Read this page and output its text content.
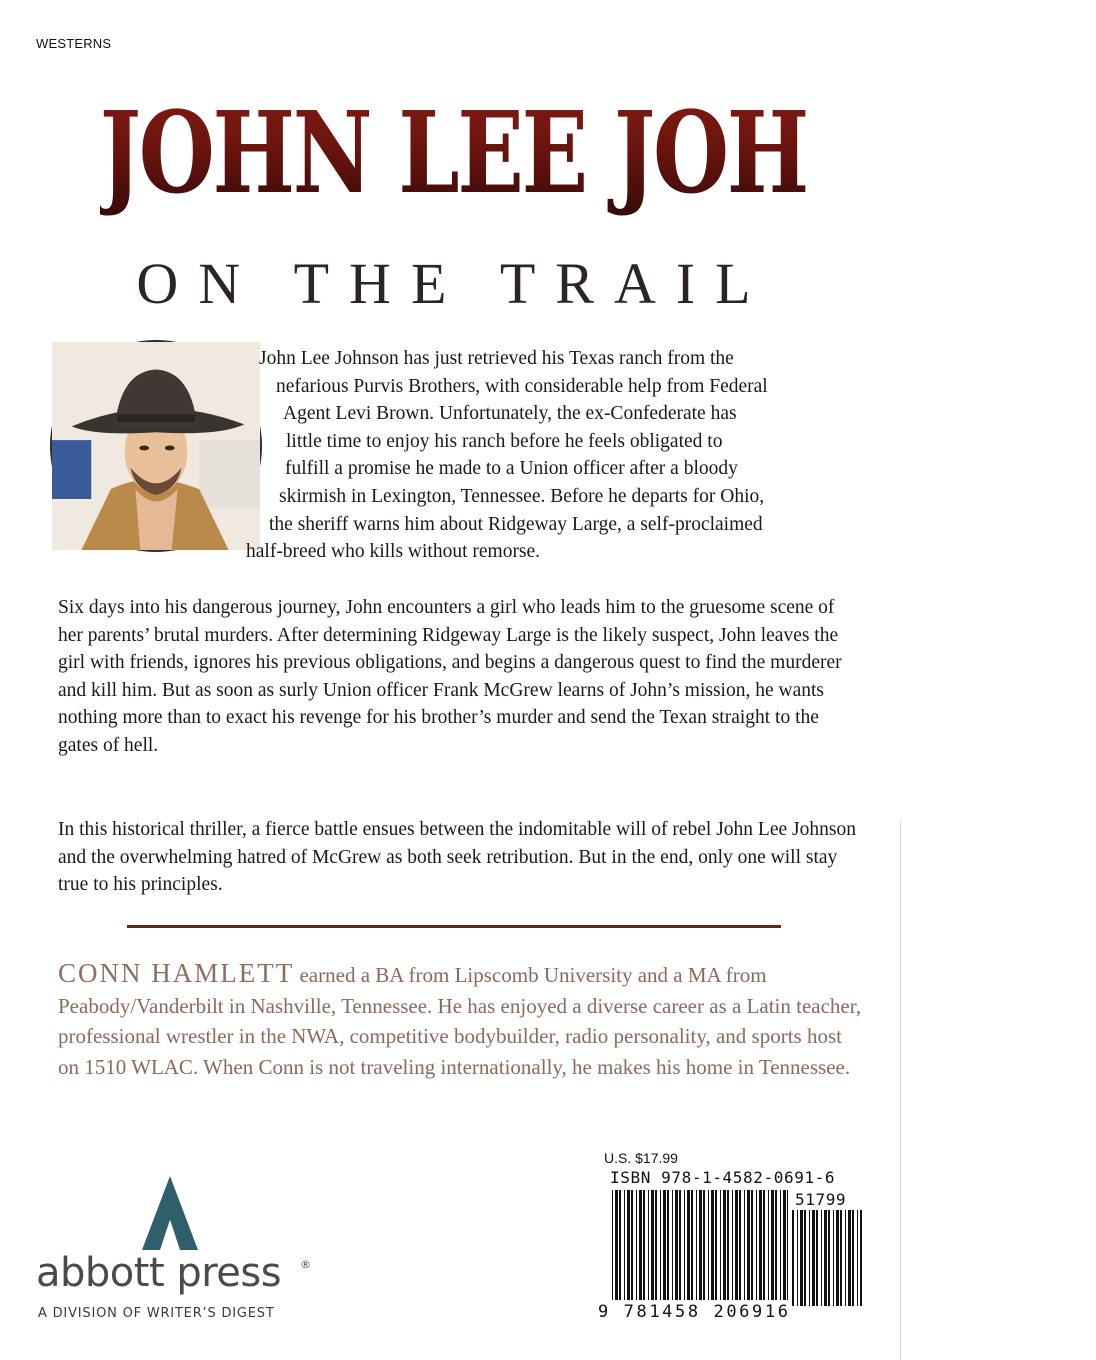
WESTERNS
JOHN LEE JOHNSON
ON THE TRAIL
John Lee Johnson has just retrieved his Texas ranch from the
nefarious Purvis Brothers, with considerable help from Federal
Agent Levi Brown. Unfortunately, the ex-Confederate has
little time to enjoy his ranch before he feels obligated to
fulfill a promise he made to a Union officer after a bloody
skirmish in Lexington, Tennessee. Before he departs for Ohio,
the sheriff warns him about Ridgeway Large, a self-proclaimed
half-breed who kills without remorse.
Six days into his dangerous journey, John encounters a girl who leads him to the gruesome scene of her parents’ brutal murders. After determining Ridgeway Large is the likely suspect, John leaves the girl with friends, ignores his previous obligations, and begins a dangerous quest to find the murderer and kill him. But as soon as surly Union officer Frank McGrew learns of John’s mission, he wants nothing more than to exact his revenge for his brother’s murder and send the Texan straight to the gates of hell.
In this historical thriller, a fierce battle ensues between the indomitable will of rebel John Lee Johnson and the overwhelming hatred of McGrew as both seek retribution. But in the end, only one will stay true to his principles.
CONN HAMLETT earned a BA from Lipscomb University and a MA from Peabody/Vanderbilt in Nashville, Tennessee. He has enjoyed a diverse career as a Latin teacher, professional wrestler in the NWA, competitive bodybuilder, radio personality, and sports host on 1510 WLAC. When Conn is not traveling internationally, he makes his home in Tennessee.
abbott press ®
A DIVISION OF WRITER’S DIGEST
U.S. $17.99
ISBN 978-1-4582-0691-6
51799
9 781458 206916
